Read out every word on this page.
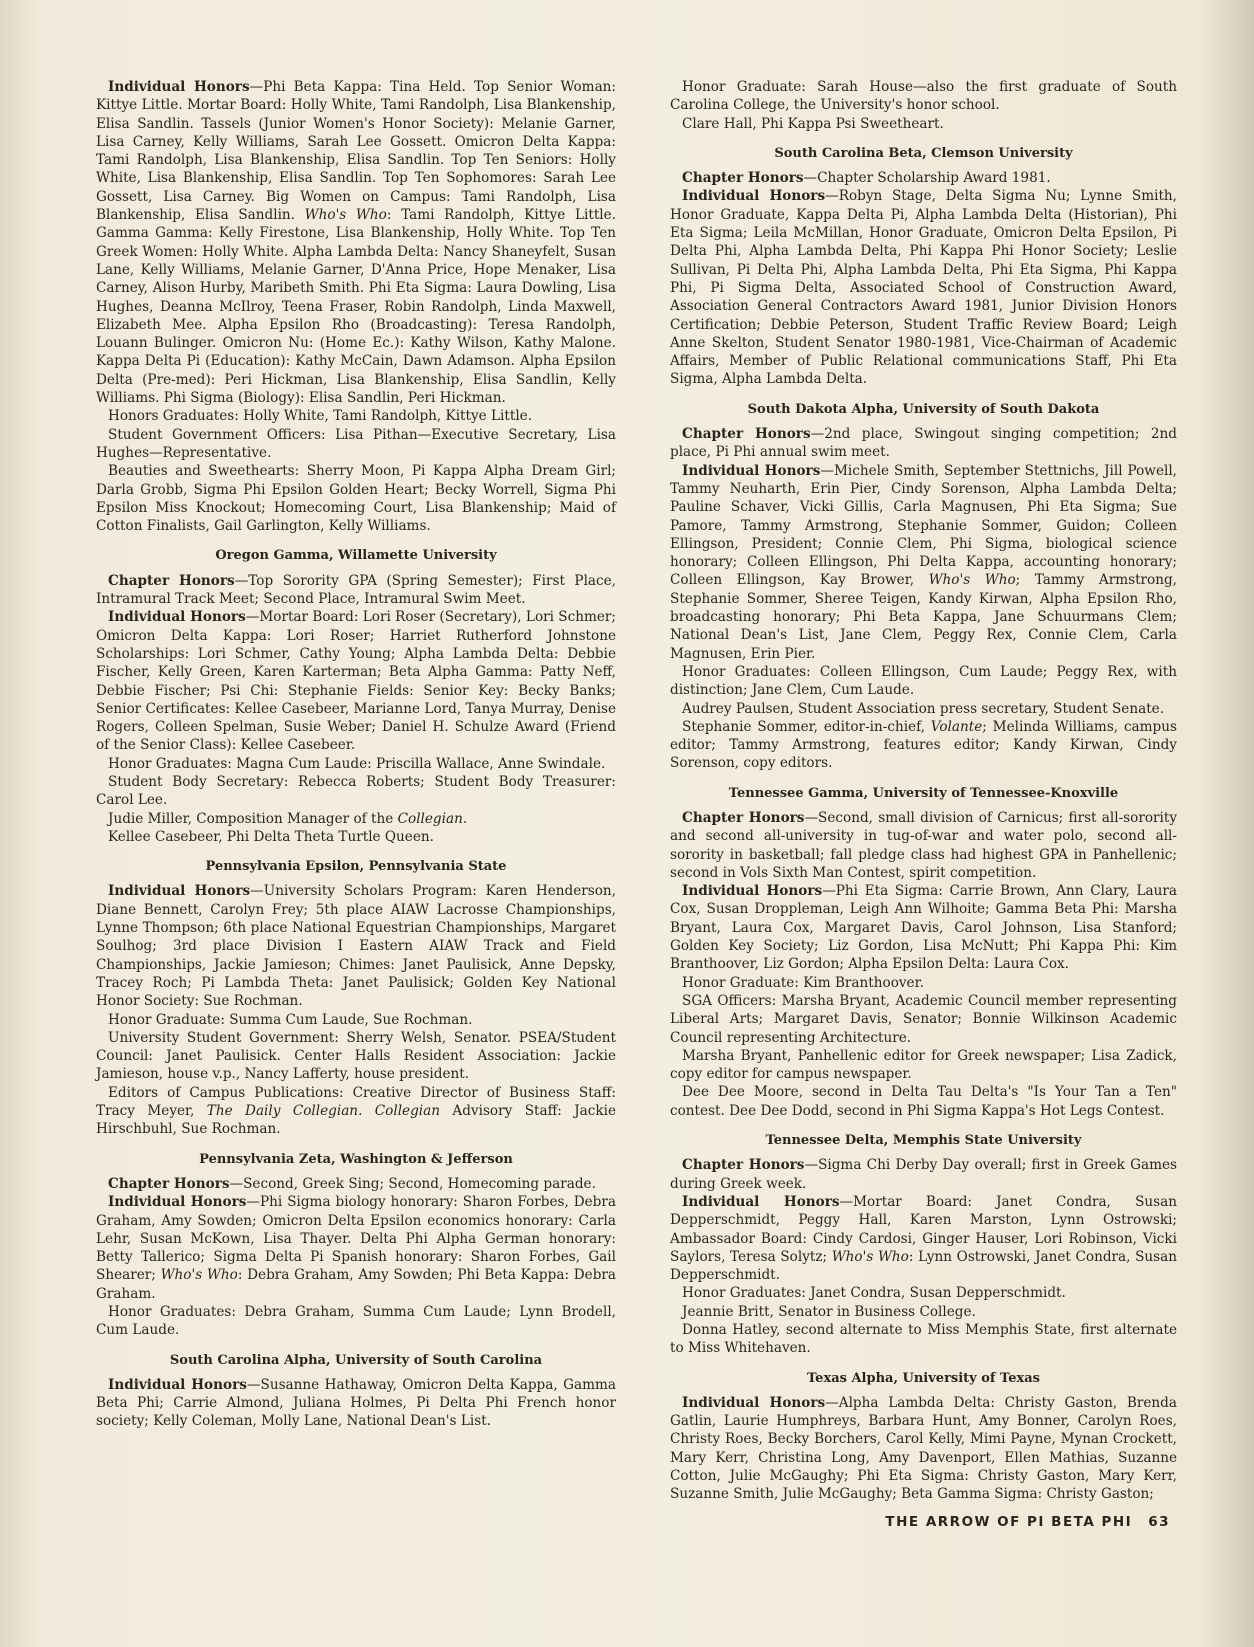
Individual Honors—Phi Beta Kappa: Tina Held. Top Senior Woman: Kittye Little. Mortar Board: Holly White, Tami Randolph, Lisa Blankenship, Elisa Sandlin. Tassels (Junior Women's Honor Society): Melanie Garner, Lisa Carney, Kelly Williams, Sarah Lee Gossett. Omicron Delta Kappa: Tami Randolph, Lisa Blankenship, Elisa Sandlin. Top Ten Seniors: Holly White, Lisa Blankenship, Elisa Sandlin. Top Ten Sophomores: Sarah Lee Gossett, Lisa Carney. Big Women on Campus: Tami Randolph, Lisa Blankenship, Elisa Sandlin. Who's Who: Tami Randolph, Kittye Little. Gamma Gamma: Kelly Firestone, Lisa Blankenship, Holly White. Top Ten Greek Women: Holly White. Alpha Lambda Delta: Nancy Shaneyfelt, Susan Lane, Kelly Williams, Melanie Garner, D'Anna Price, Hope Menaker, Lisa Carney, Alison Hurby, Maribeth Smith. Phi Eta Sigma: Laura Dowling, Lisa Hughes, Deanna McIlroy, Teena Fraser, Robin Randolph, Linda Maxwell, Elizabeth Mee. Alpha Epsilon Rho (Broadcasting): Teresa Randolph, Louann Bulinger. Omicron Nu: (Home Ec.): Kathy Wilson, Kathy Malone. Kappa Delta Pi (Education): Kathy McCain, Dawn Adamson. Alpha Epsilon Delta (Pre-med): Peri Hickman, Lisa Blankenship, Elisa Sandlin, Kelly Williams. Phi Sigma (Biology): Elisa Sandlin, Peri Hickman.

Honors Graduates: Holly White, Tami Randolph, Kittye Little.

Student Government Officers: Lisa Pithan—Executive Secretary, Lisa Hughes—Representative.

Beauties and Sweethearts: Sherry Moon, Pi Kappa Alpha Dream Girl; Darla Grobb, Sigma Phi Epsilon Golden Heart; Becky Worrell, Sigma Phi Epsilon Miss Knockout; Homecoming Court, Lisa Blankenship; Maid of Cotton Finalists, Gail Garlington, Kelly Williams.

Oregon Gamma, Willamette University

Chapter Honors—Top Sorority GPA (Spring Semester); First Place, Intramural Track Meet; Second Place, Intramural Swim Meet.

Individual Honors—Mortar Board: Lori Roser (Secretary), Lori Schmer; Omicron Delta Kappa: Lori Roser; Harriet Rutherford Johnstone Scholarships: Lori Schmer, Cathy Young; Alpha Lambda Delta: Debbie Fischer, Kelly Green, Karen Karterman; Beta Alpha Gamma: Patty Neff, Debbie Fischer; Psi Chi: Stephanie Fields: Senior Key: Becky Banks; Senior Certificates: Kellee Casebeer, Marianne Lord, Tanya Murray, Denise Rogers, Colleen Spelman, Susie Weber; Daniel H. Schulze Award (Friend of the Senior Class): Kellee Casebeer.

Honor Graduates: Magna Cum Laude: Priscilla Wallace, Anne Swindale.

Student Body Secretary: Rebecca Roberts; Student Body Treasurer: Carol Lee.

Judie Miller, Composition Manager of the Collegian.

Kellee Casebeer, Phi Delta Theta Turtle Queen.

Pennsylvania Epsilon, Pennsylvania State

Individual Honors—University Scholars Program: Karen Henderson, Diane Bennett, Carolyn Frey; 5th place AIAW Lacrosse Championships, Lynne Thompson; 6th place National Equestrian Championships, Margaret Soulhog; 3rd place Division I Eastern AIAW Track and Field Championships, Jackie Jamieson; Chimes: Janet Paulisick, Anne Depsky, Tracey Roch; Pi Lambda Theta: Janet Paulisick; Golden Key National Honor Society: Sue Rochman.

Honor Graduate: Summa Cum Laude, Sue Rochman.

University Student Government: Sherry Welsh, Senator. PSEA/Student Council: Janet Paulisick. Center Halls Resident Association: Jackie Jamieson, house v.p., Nancy Lafferty, house president.

Editors of Campus Publications: Creative Director of Business Staff: Tracy Meyer, The Daily Collegian. Collegian Advisory Staff: Jackie Hirschbuhl, Sue Rochman.

Pennsylvania Zeta, Washington & Jefferson

Chapter Honors—Second, Greek Sing; Second, Homecoming parade.

Individual Honors—Phi Sigma biology honorary: Sharon Forbes, Debra Graham, Amy Sowden; Omicron Delta Epsilon economics honorary: Carla Lehr, Susan McKown, Lisa Thayer. Delta Phi Alpha German honorary: Betty Tallerico; Sigma Delta Pi Spanish honorary: Sharon Forbes, Gail Shearer; Who's Who: Debra Graham, Amy Sowden; Phi Beta Kappa: Debra Graham.

Honor Graduates: Debra Graham, Summa Cum Laude; Lynn Brodell, Cum Laude.

South Carolina Alpha, University of South Carolina

Individual Honors—Susanne Hathaway, Omicron Delta Kappa, Gamma Beta Phi; Carrie Almond, Juliana Holmes, Pi Delta Phi French honor society; Kelly Coleman, Molly Lane, National Dean's List.

Honor Graduate: Sarah House—also the first graduate of South Carolina College, the University's honor school.

Clare Hall, Phi Kappa Psi Sweetheart.

South Carolina Beta, Clemson University

Chapter Honors—Chapter Scholarship Award 1981.

Individual Honors—Robyn Stage, Delta Sigma Nu; Lynne Smith, Honor Graduate, Kappa Delta Pi, Alpha Lambda Delta (Historian), Phi Eta Sigma; Leila McMillan, Honor Graduate, Omicron Delta Epsilon, Pi Delta Phi, Alpha Lambda Delta, Phi Kappa Phi Honor Society; Leslie Sullivan, Pi Delta Phi, Alpha Lambda Delta, Phi Eta Sigma, Phi Kappa Phi, Pi Sigma Delta, Associated School of Construction Award, Association General Contractors Award 1981, Junior Division Honors Certification; Debbie Peterson, Student Traffic Review Board; Leigh Anne Skelton, Student Senator 1980-1981, Vice-Chairman of Academic Affairs, Member of Public Relational communications Staff, Phi Eta Sigma, Alpha Lambda Delta.

South Dakota Alpha, University of South Dakota

Chapter Honors—2nd place, Swingout singing competition; 2nd place, Pi Phi annual swim meet.

Individual Honors—Michele Smith, September Stettnichs, Jill Powell, Tammy Neuharth, Erin Pier, Cindy Sorenson, Alpha Lambda Delta; Pauline Schaver, Vicki Gillis, Carla Magnusen, Phi Eta Sigma; Sue Pamore, Tammy Armstrong, Stephanie Sommer, Guidon; Colleen Ellingson, President; Connie Clem, Phi Sigma, biological science honorary; Colleen Ellingson, Phi Delta Kappa, accounting honorary; Colleen Ellingson, Kay Brower, Who's Who; Tammy Armstrong, Stephanie Sommer, Sheree Teigen, Kandy Kirwan, Alpha Epsilon Rho, broadcasting honorary; Phi Beta Kappa, Jane Schuurmans Clem; National Dean's List, Jane Clem, Peggy Rex, Connie Clem, Carla Magnusen, Erin Pier.

Honor Graduates: Colleen Ellingson, Cum Laude; Peggy Rex, with distinction; Jane Clem, Cum Laude.

Audrey Paulsen, Student Association press secretary, Student Senate.

Stephanie Sommer, editor-in-chief, Volante; Melinda Williams, campus editor; Tammy Armstrong, features editor; Kandy Kirwan, Cindy Sorenson, copy editors.

Tennessee Gamma, University of Tennessee-Knoxville

Chapter Honors—Second, small division of Carnicus; first all-sorority and second all-university in tug-of-war and water polo, second all-sorority in basketball; fall pledge class had highest GPA in Panhellenic; second in Vols Sixth Man Contest, spirit competition.

Individual Honors—Phi Eta Sigma: Carrie Brown, Ann Clary, Laura Cox, Susan Droppleman, Leigh Ann Wilhoite; Gamma Beta Phi: Marsha Bryant, Laura Cox, Margaret Davis, Carol Johnson, Lisa Stanford; Golden Key Society; Liz Gordon, Lisa McNutt; Phi Kappa Phi: Kim Branthoover, Liz Gordon; Alpha Epsilon Delta: Laura Cox.

Honor Graduate: Kim Branthoover.

SGA Officers: Marsha Bryant, Academic Council member representing Liberal Arts; Margaret Davis, Senator; Bonnie Wilkinson Academic Council representing Architecture.

Marsha Bryant, Panhellenic editor for Greek newspaper; Lisa Zadick, copy editor for campus newspaper.

Dee Dee Moore, second in Delta Tau Delta's "Is Your Tan a Ten" contest. Dee Dee Dodd, second in Phi Sigma Kappa's Hot Legs Contest.

Tennessee Delta, Memphis State University

Chapter Honors—Sigma Chi Derby Day overall; first in Greek Games during Greek week.

Individual Honors—Mortar Board: Janet Condra, Susan Depperschmidt, Peggy Hall, Karen Marston, Lynn Ostrowski; Ambassador Board: Cindy Cardosi, Ginger Hauser, Lori Robinson, Vicki Saylors, Teresa Solytz; Who's Who: Lynn Ostrowski, Janet Condra, Susan Depperschmidt.

Honor Graduates: Janet Condra, Susan Depperschmidt.

Jeannie Britt, Senator in Business College.

Donna Hatley, second alternate to Miss Memphis State, first alternate to Miss Whitehaven.

Texas Alpha, University of Texas

Individual Honors—Alpha Lambda Delta: Christy Gaston, Brenda Gatlin, Laurie Humphreys, Barbara Hunt, Amy Bonner, Carolyn Roes, Christy Roes, Becky Borchers, Carol Kelly, Mimi Payne, Mynan Crockett, Mary Kerr, Christina Long, Amy Davenport, Ellen Mathias, Suzanne Cotton, Julie McGaughy; Phi Eta Sigma: Christy Gaston, Mary Kerr, Suzanne Smith, Julie McGaughy; Beta Gamma Sigma: Christy Gaston;

THE ARROW OF PI BETA PHI 63
